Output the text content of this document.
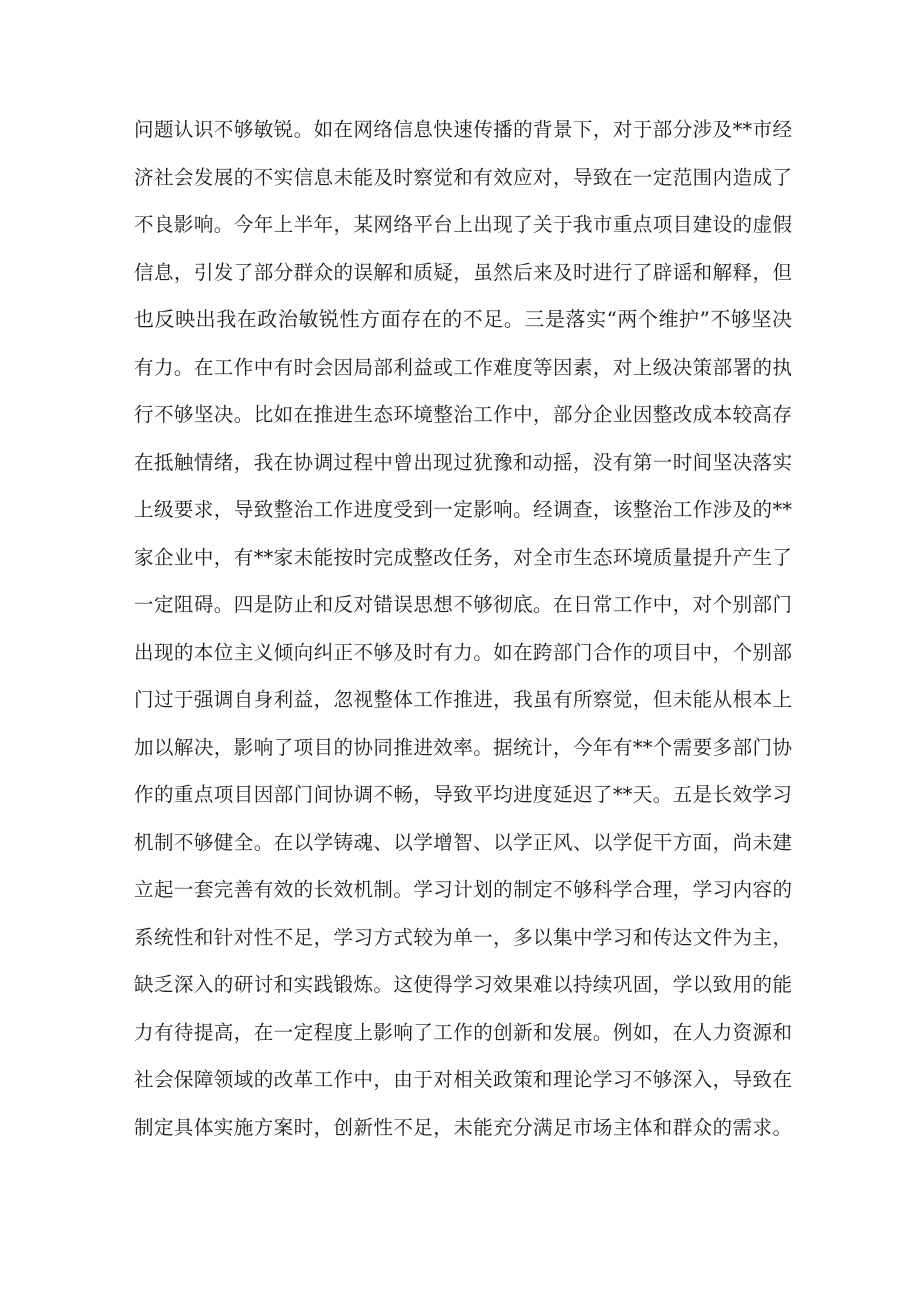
问题认识不够敏锐。如在网络信息快速传播的背景下，对于部分涉及**市经
济社会发展的不实信息未能及时察觉和有效应对，导致在一定范围内造成了
不良影响。今年上半年，某网络平台上出现了关于我市重点项目建设的虚假
信息，引发了部分群众的误解和质疑，虽然后来及时进行了辟谣和解释，但
也反映出我在政治敏锐性方面存在的不足。三是落实“两个维护”不够坚决
有力。在工作中有时会因局部利益或工作难度等因素，对上级决策部署的执
行不够坚决。比如在推进生态环境整治工作中，部分企业因整改成本较高存
在抵触情绪，我在协调过程中曾出现过犹豫和动摇，没有第一时间坚决落实
上级要求，导致整治工作进度受到一定影响。经调查，该整治工作涉及的**
家企业中，有**家未能按时完成整改任务，对全市生态环境质量提升产生了
一定阻碍。四是防止和反对错误思想不够彻底。在日常工作中，对个别部门
出现的本位主义倾向纠正不够及时有力。如在跨部门合作的项目中，个别部
门过于强调自身利益，忽视整体工作推进，我虽有所察觉，但未能从根本上
加以解决，影响了项目的协同推进效率。据统计，今年有**个需要多部门协
作的重点项目因部门间协调不畅，导致平均进度延迟了**天。五是长效学习
机制不够健全。在以学铸魂、以学增智、以学正风、以学促干方面，尚未建
立起一套完善有效的长效机制。学习计划的制定不够科学合理，学习内容的
系统性和针对性不足，学习方式较为单一，多以集中学习和传达文件为主，
缺乏深入的研讨和实践锻炼。这使得学习效果难以持续巩固，学以致用的能
力有待提高，在一定程度上影响了工作的创新和发展。例如，在人力资源和
社会保障领域的改革工作中，由于对相关政策和理论学习不够深入，导致在
制定具体实施方案时，创新性不足，未能充分满足市场主体和群众的需求。
